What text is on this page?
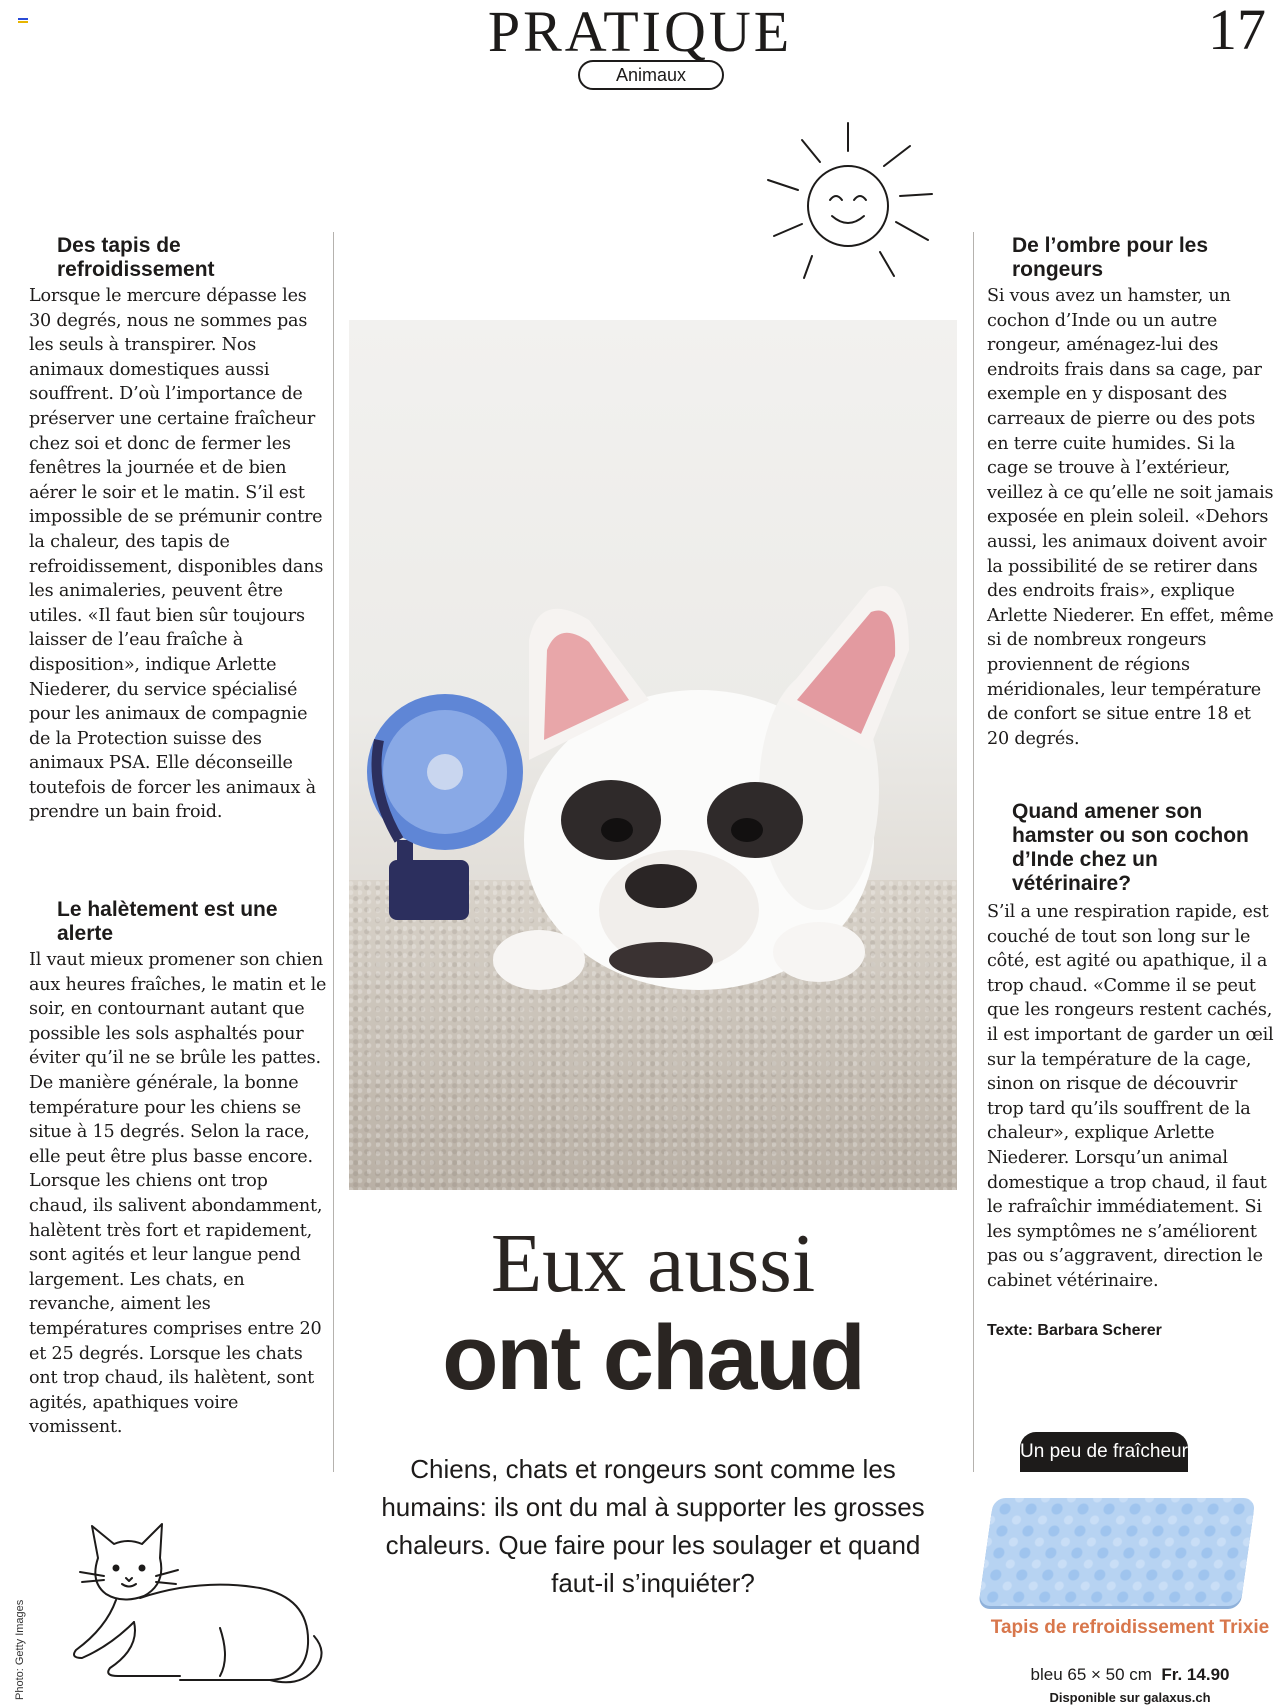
PRATIQUE	17
Animaux
Des tapis de refroidissement
Lorsque le mercure dépasse les 30 degrés, nous ne sommes pas les seuls à transpirer. Nos animaux domestiques aussi souffrent. D’où l’importance de préserver une certaine fraîcheur chez soi et donc de fermer les fenêtres la journée et de bien aérer le soir et le matin. S’il est impossible de se prémunir contre la chaleur, des tapis de refroidissement, disponibles dans les animaleries, peuvent être utiles. «Il faut bien sûr toujours laisser de l’eau fraîche à disposition», indique Arlette Niederer, du service spécialisé pour les animaux de compagnie de la Protection suisse des animaux PSA. Elle déconseille toutefois de forcer les animaux à prendre un bain froid.
Le halètement est une alerte
Il vaut mieux promener son chien aux heures fraîches, le matin et le soir, en contournant autant que possible les sols asphaltés pour éviter qu’il ne se brûle les pattes. De manière générale, la bonne température pour les chiens se situe à 15 degrés. Selon la race, elle peut être plus basse encore. Lorsque les chiens ont trop chaud, ils salivent abondamment, halètent très fort et rapidement, sont agités et leur langue pend largement. Les chats, en revanche, aiment les températures comprises entre 20 et 25 degrés. Lorsque les chats ont trop chaud, ils halètent, sont agités, apathiques voire vomissent.
Photo: Getty Images
Eux aussi
ont chaud
Chiens, chats et rongeurs sont comme les humains: ils ont du mal à supporter les grosses chaleurs. Que faire pour les soulager et quand faut-il s’inquiéter?
De l’ombre pour les rongeurs
Si vous avez un hamster, un cochon d’Inde ou un autre rongeur, aménagez-lui des endroits frais dans sa cage, par exemple en y disposant des carreaux de pierre ou des pots en terre cuite humides. Si la cage se trouve à l’extérieur, veillez à ce qu’elle ne soit jamais exposée en plein soleil. «Dehors aussi, les animaux doivent avoir la possibilité de se retirer dans des endroits frais», explique Arlette Niederer. En effet, même si de nombreux rongeurs proviennent de régions méridionales, leur température de confort se situe entre 18 et 20 degrés.
Quand amener son hamster ou son cochon d’Inde chez un vétérinaire?
S’il a une respiration rapide, est couché de tout son long sur le côté, est agité ou apathique, il a trop chaud. «Comme il se peut que les rongeurs restent cachés, il est important de garder un œil sur la température de la cage, sinon on risque de découvrir trop tard qu’ils souffrent de la chaleur», explique Arlette Niederer. Lorsqu’un animal domestique a trop chaud, il faut le rafraîchir immédiatement. Si les symptômes ne s’améliorent pas ou s’aggravent, direction le cabinet vétérinaire.
Texte: Barbara Scherer
Un peu de fraîcheur
Tapis de refroidissement Trixie
bleu 65 × 50 cm Fr. 14.90
Disponible sur galaxus.ch
